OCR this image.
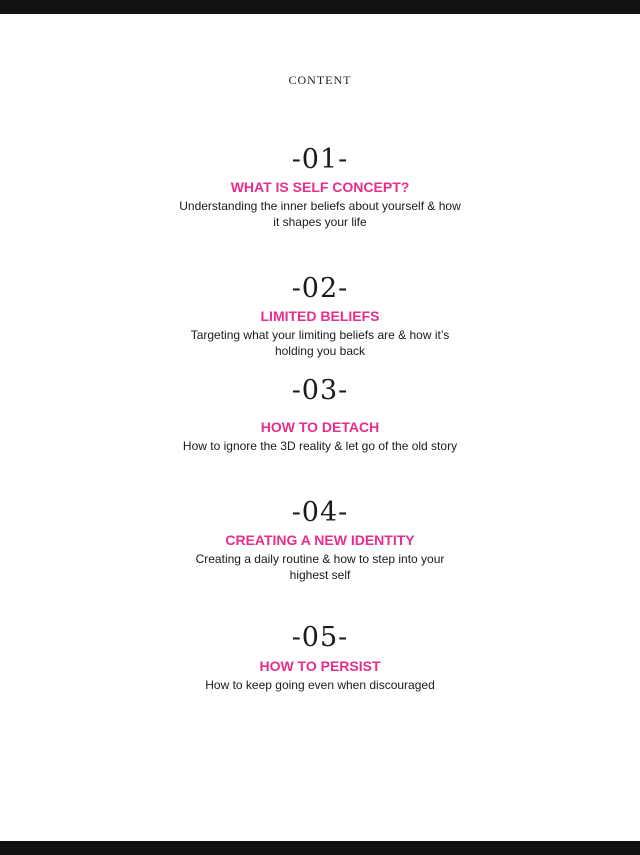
CONTENT
-01-
WHAT IS SELF CONCEPT?
Understanding the inner beliefs about yourself & how it shapes your life
-02-
LIMITED BELIEFS
Targeting what your limiting beliefs are & how it’s holding you back
-03-
HOW TO DETACH
How to ignore the 3D reality & let go of the old story
-04-
CREATING A NEW IDENTITY
Creating a daily routine & how to step into your highest self
-05-
HOW TO PERSIST
How to keep going even when discouraged
